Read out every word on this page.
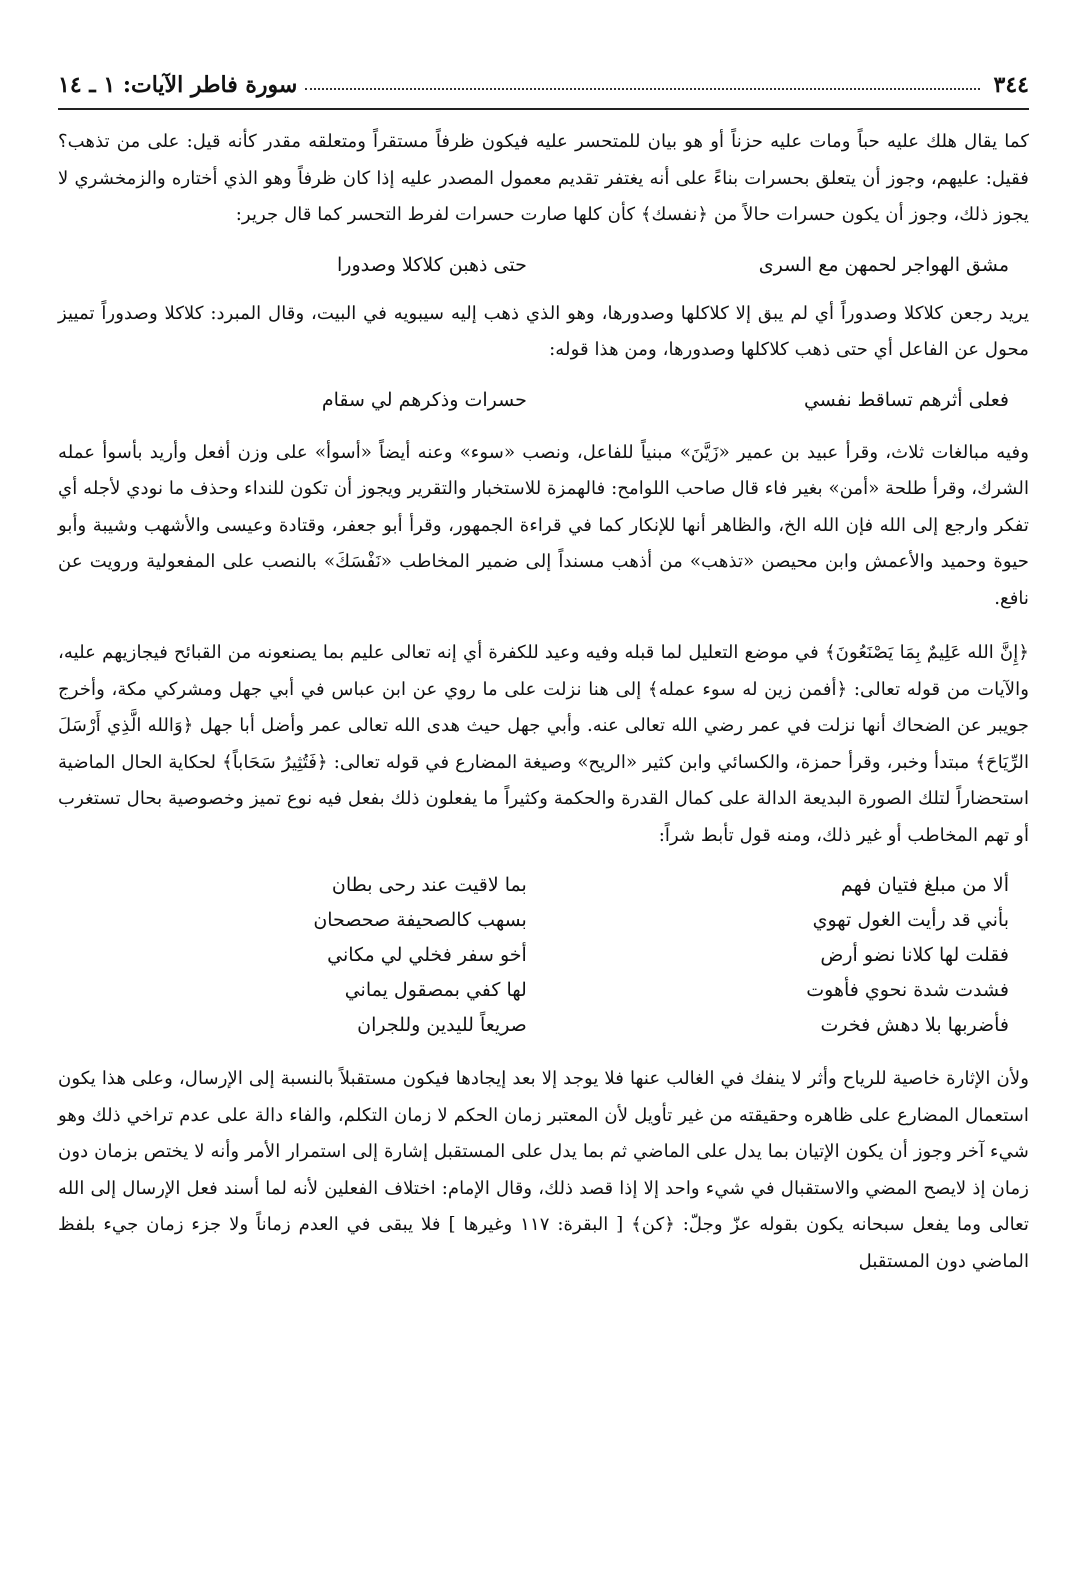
٣٤٤
سورة فاطر الآيات: ١ ـ ١٤

كما يقال هلك عليه حباً ومات عليه حزناً أو هو بيان للمتحسر عليه فيكون ظرفاً مستقراً ومتعلقه مقدر كأنه قيل: على من تذهب؟ فقيل: عليهم، وجوز أن يتعلق بحسرات بناءً على أنه يغتفر تقديم معمول المصدر عليه إذا كان ظرفاً وهو الذي أختاره والزمخشري لا يجوز ذلك، وجوز أن يكون حسرات حالاً من ﴿نفسك﴾ كأن كلها صارت حسرات لفرط التحسر كما قال جرير:

مشق الهواجر لحمهن مع السرى
حتى ذهبن كلاكلا وصدورا

يريد رجعن كلاكلا وصدوراً أي لم يبق إلا كلاكلها وصدورها، وهو الذي ذهب إليه سيبويه في البيت، وقال المبرد: كلاكلا وصدوراً تمييز محول عن الفاعل أي حتى ذهب كلاكلها وصدورها، ومن هذا قوله:

فعلى أثرهم تساقط نفسي
حسرات وذكرهم لي سقام

وفيه مبالغات ثلاث، وقرأ عبيد بن عمير «زَيَّنَ» مبنياً للفاعل، ونصب «سوء» وعنه أيضاً «أسوأ» على وزن أفعل وأريد بأسوأ عمله الشرك، وقرأ طلحة «أمن» بغير فاء قال صاحب اللوامح: فالهمزة للاستخبار والتقرير ويجوز أن تكون للنداء وحذف ما نودي لأجله أي تفكر وارجع إلى الله فإن الله الخ، والظاهر أنها للإنكار كما في قراءة الجمهور، وقرأ أبو جعفر، وقتادة وعيسى والأشهب وشيبة وأبو حيوة وحميد والأعمش وابن محيصن «تذهب» من أذهب مسنداً إلى ضمير المخاطب «نَفْسَكَ» بالنصب على المفعولية ورويت عن نافع.

﴿إِنَّ الله عَلِيمٌ بِمَا يَصْنَعُونَ﴾ في موضع التعليل لما قبله وفيه وعيد للكفرة أي إنه تعالى عليم بما يصنعونه من القبائح فيجازيهم عليه، والآيات من قوله تعالى: ﴿أفمن زين له سوء عمله﴾ إلى هنا نزلت على ما روي عن ابن عباس في أبي جهل ومشركي مكة، وأخرج جويبر عن الضحاك أنها نزلت في عمر رضي الله تعالى عنه. وأبي جهل حيث هدى الله تعالى عمر وأضل أبا جهل ﴿وَالله الَّذِي أَرْسَلَ الرِّيَاحَ﴾ مبتدأ وخبر، وقرأ حمزة، والكسائي وابن كثير «الريح» وصيغة المضارع في قوله تعالى: ﴿فَتُثِيرُ سَحَاباً﴾ لحكاية الحال الماضية استحضاراً لتلك الصورة البديعة الدالة على كمال القدرة والحكمة وكثيراً ما يفعلون ذلك بفعل فيه نوع تميز وخصوصية بحال تستغرب أو تهم المخاطب أو غير ذلك، ومنه قول تأبط شراً:

ألا من مبلغ فتيان فهم
بما لاقيت عند رحى بطان
بأني قد رأيت الغول تهوي
بسهب كالصحيفة صحصحان
فقلت لها كلانا نضو أرض
أخو سفر فخلي لي مكاني
فشدت شدة نحوي فأهوت
لها كفي بمصقول يماني
فأضربها بلا دهش فخرت
صريعاً لليدين وللجران

ولأن الإثارة خاصية للرياح وأثر لا ينفك في الغالب عنها فلا يوجد إلا بعد إيجادها فيكون مستقبلاً بالنسبة إلى الإرسال، وعلى هذا يكون استعمال المضارع على ظاهره وحقيقته من غير تأويل لأن المعتبر زمان الحكم لا زمان التكلم، والفاء دالة على عدم تراخي ذلك وهو شيء آخر وجوز أن يكون الإتيان بما يدل على الماضي ثم بما يدل على المستقبل إشارة إلى استمرار الأمر وأنه لا يختص بزمان دون زمان إذ لايصح المضي والاستقبال في شيء واحد إلا إذا قصد ذلك، وقال الإمام: اختلاف الفعلين لأنه لما أسند فعل الإرسال إلى الله تعالى وما يفعل سبحانه يكون بقوله عزّ وجلّ: ﴿كن﴾ [ البقرة: ١١٧ وغيرها ] فلا يبقى في العدم زماناً ولا جزء زمان جيء بلفظ الماضي دون المستقبل
